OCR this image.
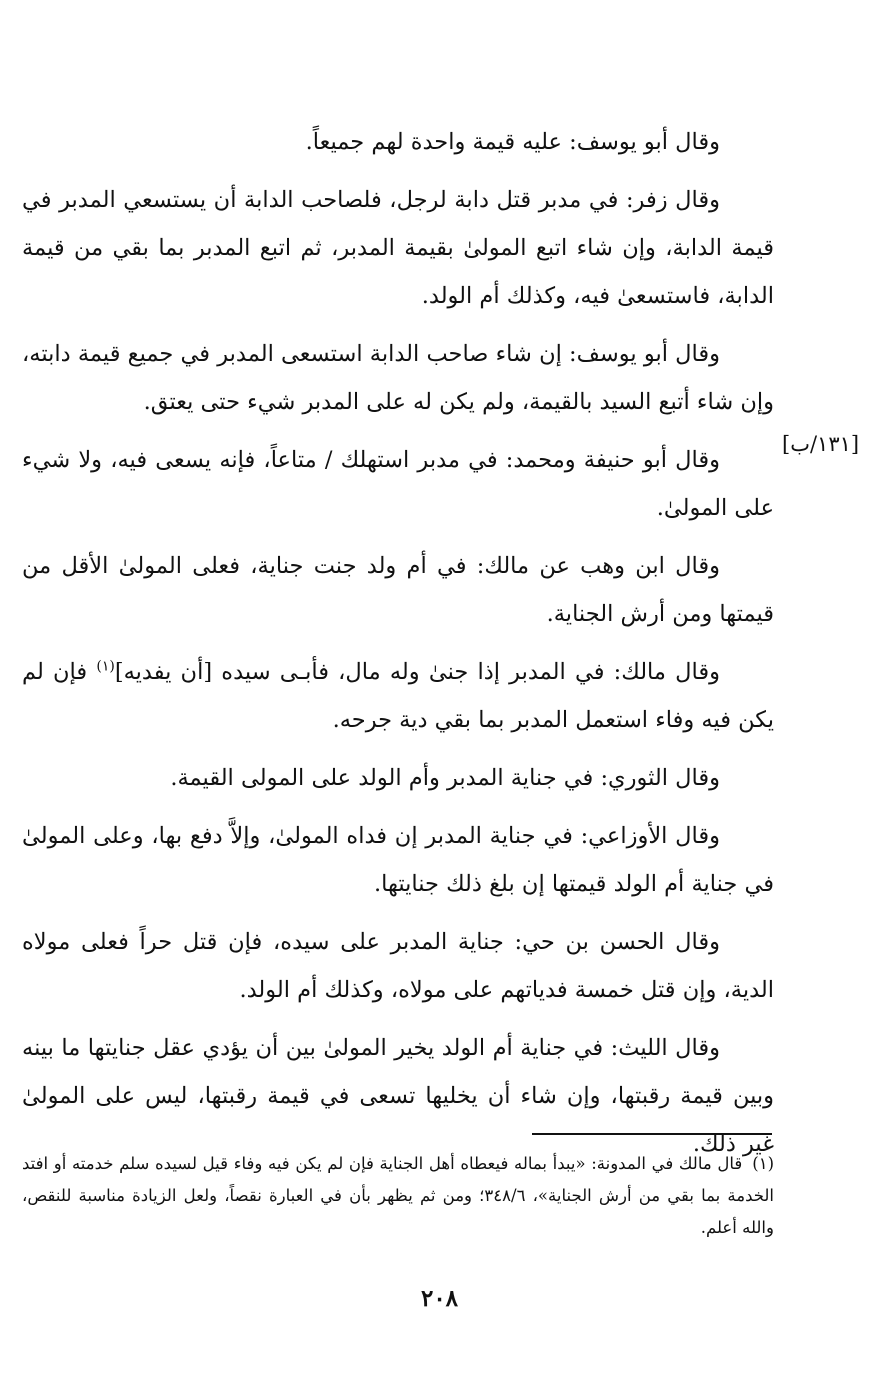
وقال أبو يوسف: عليه قيمة واحدة لهم جميعاً.

وقال زفر: في مدبر قتل دابة لرجل، فلصاحب الدابة أن يستسعي المدبر في قيمة الدابة، وإن شاء اتبع المولىٰ بقيمة المدبر، ثم اتبع المدبر بما بقي من قيمة الدابة، فاستسعىٰ فيه، وكذلك أم الولد.

وقال أبو يوسف: إن شاء صاحب الدابة استسعى المدبر في جميع قيمة دابته، وإن شاء أتبع السيد بالقيمة، ولم يكن له على المدبر شيء حتى يعتق.

وقال أبو حنيفة ومحمد: في مدبر استهلك / متاعاً، فإنه يسعى فيه، ولا شيء على المولىٰ.

وقال ابن وهب عن مالك: في أم ولد جنت جناية، فعلى المولىٰ الأقل من قيمتها ومن أرش الجناية.

وقال مالك: في المدبر إذا جنىٰ وله مال، فأبـى سيده [أن يفديه]$^{(١)}$ فإن لم يكن فيه وفاء استعمل المدبر بما بقي دية جرحه.

وقال الثوري: في جناية المدبر وأم الولد على المولى القيمة.

وقال الأوزاعي: في جناية المدبر إن فداه المولىٰ، وإلاَّ دفع بها، وعلى المولىٰ في جناية أم الولد قيمتها إن بلغ ذلك جنايتها.

وقال الحسن بن حي: جناية المدبر على سيده، فإن قتل حراً فعلى مولاه الدية، وإن قتل خمسة فدياتهم على مولاه، وكذلك أم الولد.

وقال الليث: في جناية أم الولد يخير المولىٰ بين أن يؤدي عقل جنايتها ما بينه وبين قيمة رقبتها، وإن شاء أن يخليها تسعى في قيمة رقبتها، ليس على المولىٰ غير ذلك.

[١٣١/ب]
(١)قال مالك في المدونة: «يبدأ بماله فيعطاه أهل الجناية فإن لم يكن فيه وفاء قيل لسيده سلم خدمته أو افتد الخدمة بما بقي من أرش الجناية»، ٣٤٨/٦؛ ومن ثم يظهر بأن في العبارة نقصاً، ولعل الزيادة مناسبة للنقص، والله أعلم.
٢٠٨
